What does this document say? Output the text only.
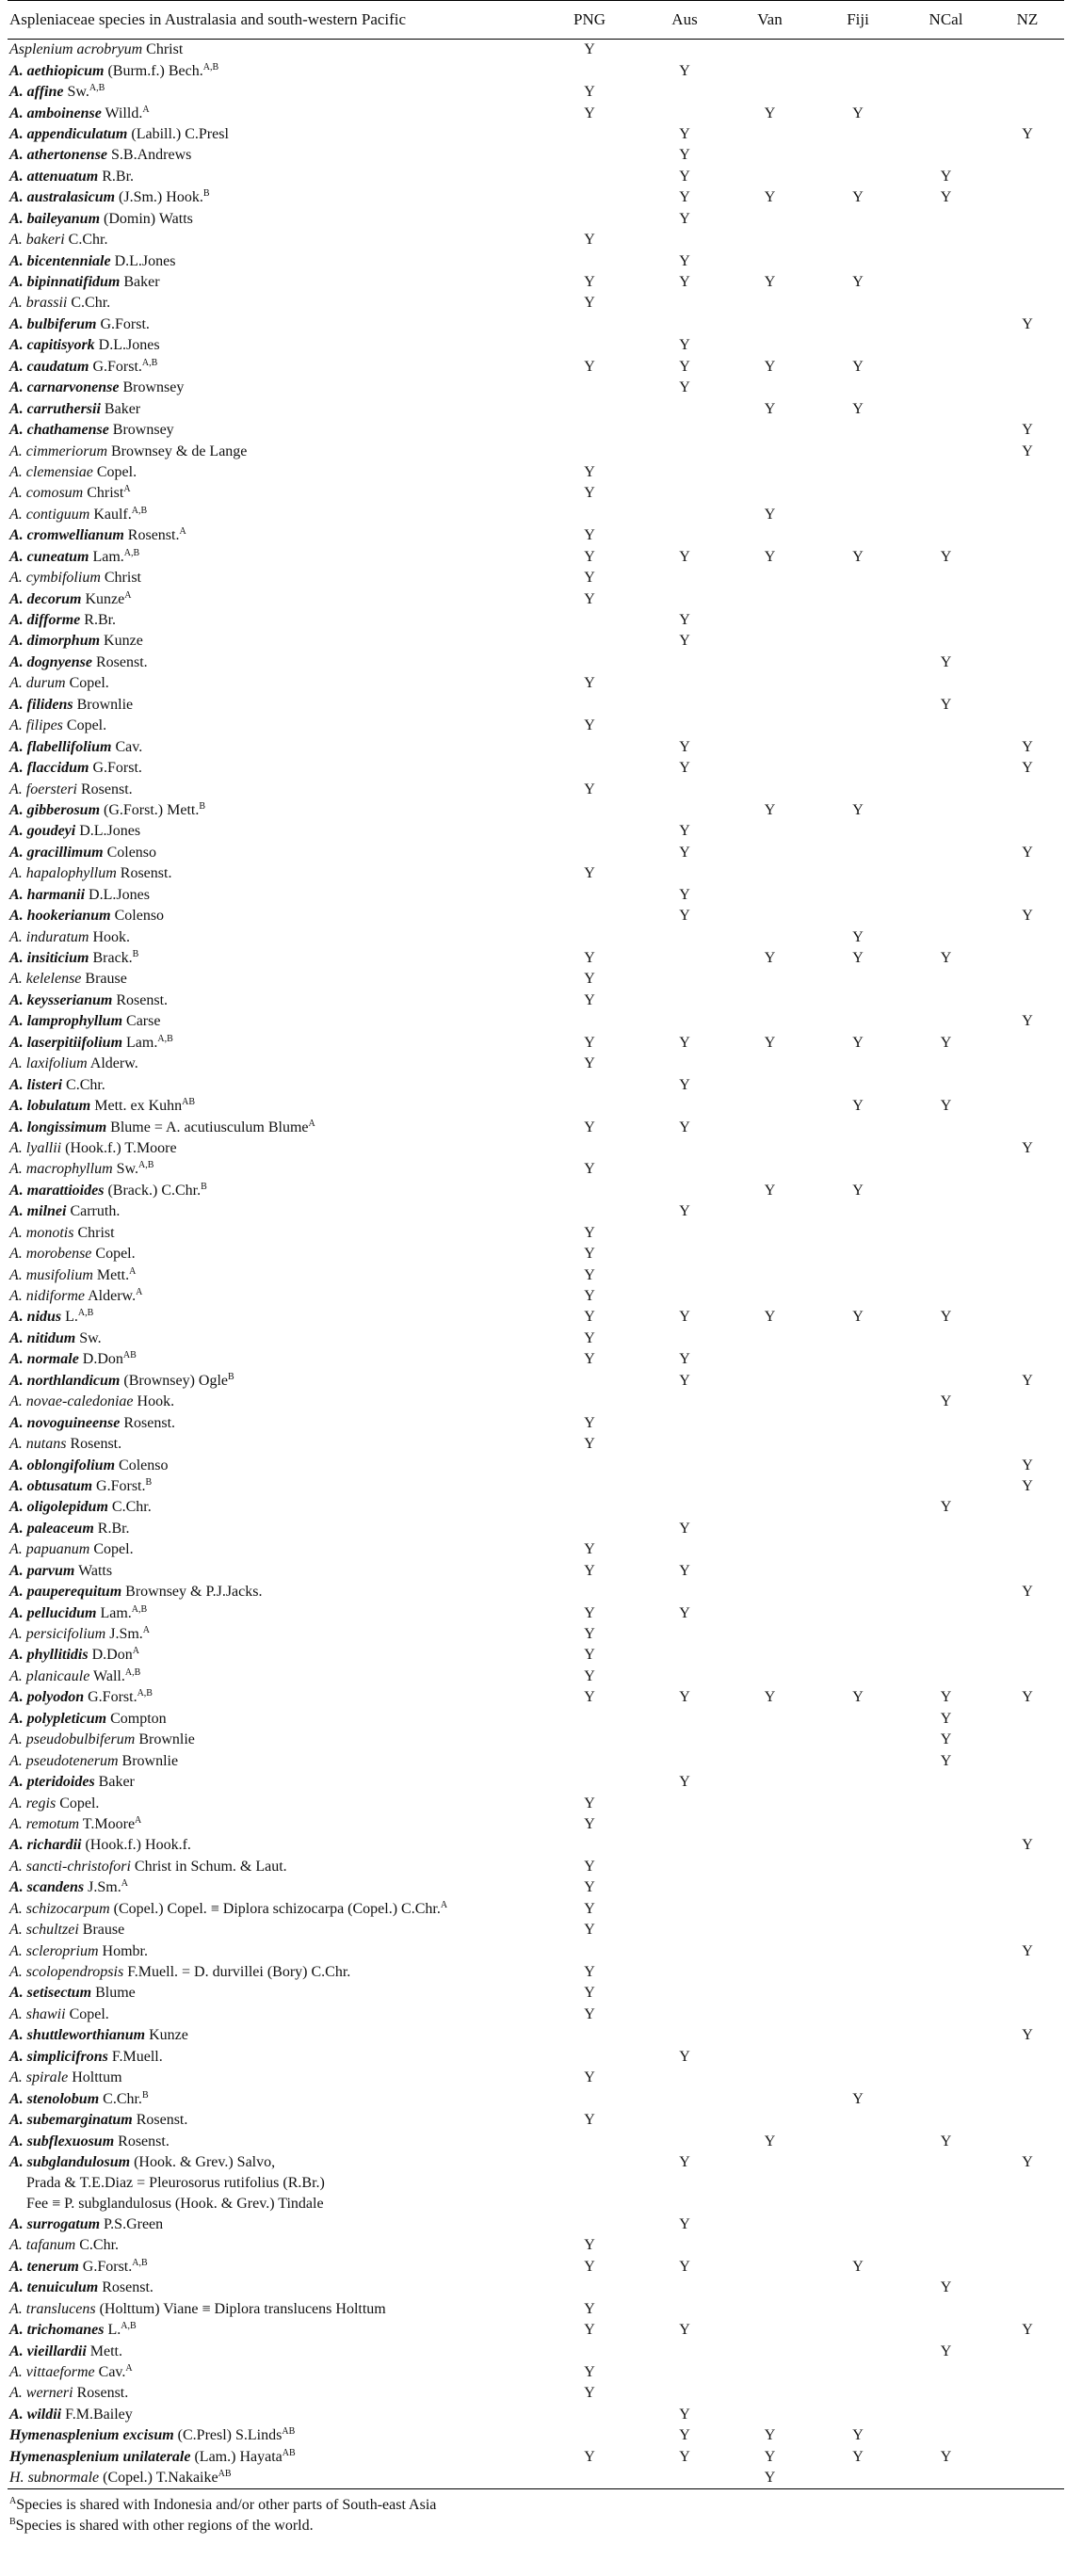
Aspleniaceae species in Australasia and south-western Pacific	PNG	Aus	Van	Fiji	NCal	NZ
Asplenium acrobryum Christ	Y					
A. aethiopicum (Burm.f.) Bech.$^{A,B}$		Y				
A. affine Sw.$^{A,B}$	Y					
A. amboinense Willd.$^A$	Y		Y	Y		
A. appendiculatum (Labill.) C.Presl		Y				Y
A. athertonense S.B.Andrews		Y				
A. attenuatum R.Br.		Y			Y	
A. australasicum (J.Sm.) Hook.$^B$		Y	Y	Y	Y	
A. baileyanum (Domin) Watts		Y				
A. bakeri C.Chr.	Y					
A. bicentenniale D.L.Jones		Y				
A. bipinnatifidum Baker	Y	Y	Y	Y		
A. brassii C.Chr.	Y					
A. bulbiferum G.Forst.						Y
A. capitisyork D.L.Jones		Y				
A. caudatum G.Forst.$^{A,B}$	Y	Y	Y	Y		
A. carnarvonense Brownsey		Y				
A. carruthersii Baker			Y	Y		
A. chathamense Brownsey						Y
A. cimmeriorum Brownsey & de Lange						Y
A. clemensiae Copel.	Y					
A. comosum Christ$^A$	Y					
A. contiguum Kaulf.$^{A,B}$			Y			
A. cromwellianum Rosenst.$^A$	Y					
A. cuneatum Lam.$^{A,B}$	Y	Y	Y	Y	Y	
A. cymbifolium Christ	Y					
A. decorum Kunze$^A$	Y					
A. difforme R.Br.		Y				
A. dimorphum Kunze		Y				
A. dognyense Rosenst.					Y	
A. durum Copel.	Y					
A. filidens Brownlie					Y	
A. filipes Copel.	Y					
A. flabellifolium Cav.		Y				Y
A. flaccidum G.Forst.		Y				Y
A. foersteri Rosenst.	Y					
A. gibberosum (G.Forst.) Mett.$^B$			Y	Y		
A. goudeyi D.L.Jones		Y				
A. gracillimum Colenso		Y				Y
A. hapalophyllum Rosenst.	Y					
A. harmanii D.L.Jones		Y				
A. hookerianum Colenso		Y				Y
A. induratum Hook.				Y		
A. insiticium Brack.$^B$	Y		Y	Y	Y	
A. kelelense Brause	Y					
A. keysserianum Rosenst.	Y					
A. lamprophyllum Carse						Y
A. laserpitiifolium Lam.$^{A,B}$	Y	Y	Y	Y	Y	
A. laxifolium Alderw.	Y					
A. listeri C.Chr.		Y				
A. lobulatum Mett. ex Kuhn$^{AB}$				Y	Y	
A. longissimum Blume = A. acutiusculum Blume$^A$	Y	Y				
A. lyallii (Hook.f.) T.Moore						Y
A. macrophyllum Sw.$^{A,B}$	Y					
A. marattioides (Brack.) C.Chr.$^B$			Y	Y		
A. milnei Carruth.		Y				
A. monotis Christ	Y					
A. morobense Copel.	Y					
A. musifolium Mett.$^A$	Y					
A. nidiforme Alderw.$^A$	Y					
A. nidus L.$^{A,B}$	Y	Y	Y	Y	Y	
A. nitidum Sw.	Y					
A. normale D.Don$^{AB}$	Y	Y				
A. northlandicum (Brownsey) Ogle$^B$		Y				Y
A. novae-caledoniae Hook.					Y	
A. novoguineense Rosenst.	Y					
A. nutans Rosenst.	Y					
A. oblongifolium Colenso						Y
A. obtusatum G.Forst.$^B$						Y
A. oligolepidum C.Chr.					Y	
A. paleaceum R.Br.		Y				
A. papuanum Copel.	Y					
A. parvum Watts	Y	Y				
A. pauperequitum Brownsey & P.J.Jacks.						Y
A. pellucidum Lam.$^{A,B}$	Y	Y				
A. persicifolium J.Sm.$^A$	Y					
A. phyllitidis D.Don$^A$	Y					
A. planicaule Wall.$^{A,B}$	Y					
A. polyodon G.Forst.$^{A,B}$	Y	Y	Y	Y	Y	Y
A. polypleticum Compton					Y	
A. pseudobulbiferum Brownlie					Y	
A. pseudotenerum Brownlie					Y	
A. pteridoides Baker		Y				
A. regis Copel.	Y					
A. remotum T.Moore$^A$	Y					
A. richardii (Hook.f.) Hook.f.						Y
A. sancti-christofori Christ in Schum. & Laut.	Y					
A. scandens J.Sm.$^A$	Y					
A. schizocarpum (Copel.) Copel. ≡ Diplora schizocarpa (Copel.) C.Chr.$^A$	Y					
A. schultzei Brause	Y					
A. scleroprium Hombr.						Y
A. scolopendropsis F.Muell. = D. durvillei (Bory) C.Chr.	Y					
A. setisectum Blume	Y					
A. shawii Copel.	Y					
A. shuttleworthianum Kunze						Y
A. simplicifrons F.Muell.		Y				
A. spirale Holttum	Y					
A. stenolobum C.Chr.$^B$				Y		
A. subemarginatum Rosenst.	Y					
A. subflexuosum Rosenst.			Y		Y	
A. subglandulosum (Hook. & Grev.) Salvo,
Prada & T.E.Diaz = Pleurosorus rutifolius (R.Br.)
Fee ≡ P. subglandulosus (Hook. & Grev.) Tindale		Y				Y
A. surrogatum P.S.Green		Y				
A. tafanum C.Chr.	Y					
A. tenerum G.Forst.$^{A,B}$	Y	Y		Y		
A. tenuiculum Rosenst.					Y	
A. translucens (Holttum) Viane ≡ Diplora translucens Holttum	Y					
A. trichomanes L.$^{A,B}$	Y	Y				Y
A. vieillardii Mett.					Y	
A. vittaeforme Cav.$^A$	Y					
A. werneri Rosenst.	Y					
A. wildii F.M.Bailey		Y				
Hymenasplenium excisum (C.Presl) S.Linds$^{AB}$		Y	Y	Y		
Hymenasplenium unilaterale (Lam.) Hayata$^{AB}$	Y	Y	Y	Y	Y	
H. subnormale (Copel.) T.Nakaike$^{AB}$			Y			
$^A$Species is shared with Indonesia and/or other parts of South-east Asia
$^B$Species is shared with other regions of the world.
